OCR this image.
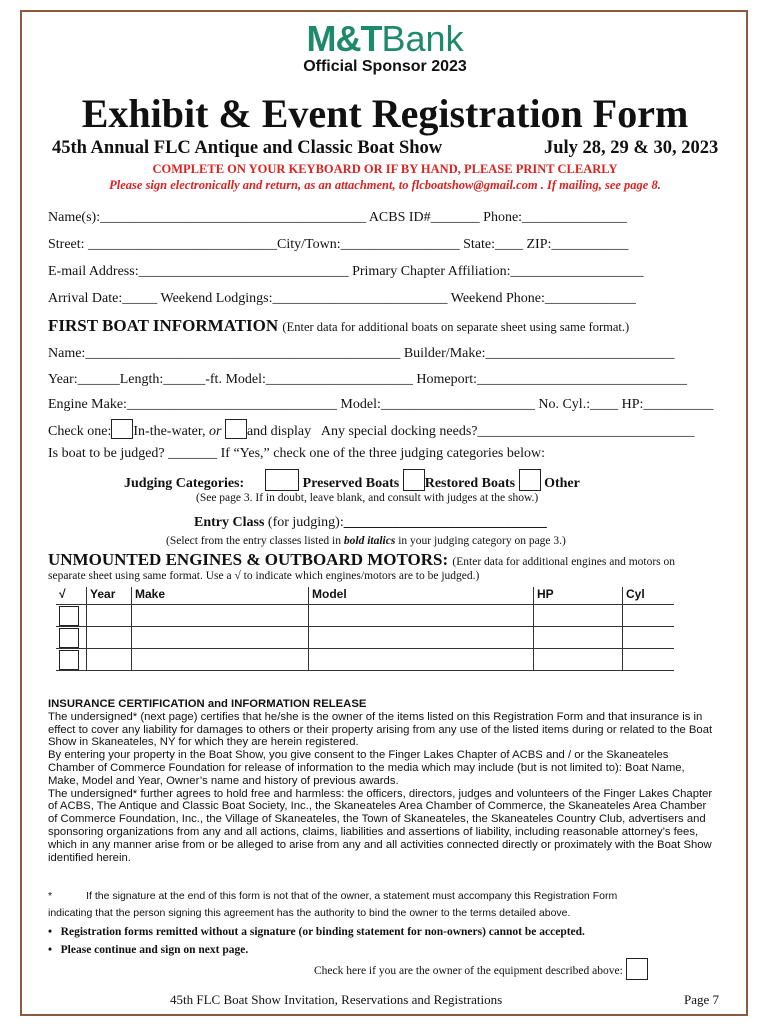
M&TBank
Official Sponsor 2023
Exhibit & Event Registration Form
45th Annual FLC Antique and Classic Boat Show	July 28, 29 & 30, 2023
COMPLETE ON YOUR KEYBOARD OR IF BY HAND, PLEASE PRINT CLEARLY
Please sign electronically and return, as an attachment, to flcboatshow@gmail.com . If mailing, see page 8.
Name(s):______________________________________ ACBS ID#_______ Phone:_______________
Street: ___________________________City/Town:_________________ State:____ ZIP:___________
E-mail Address:______________________________ Primary Chapter Affiliation:___________________
Arrival Date:_____ Weekend Lodgings:_________________________ Weekend Phone:_____________
FIRST BOAT INFORMATION (Enter data for additional boats on separate sheet using same format.)
Name:_____________________________________________ Builder/Make:___________________________
Year:______Length:______-ft. Model:_____________________ Homeport:______________________________
Engine Make:______________________________ Model:______________________ No. Cyl.:____ HP:__________
Check one: In-the-water, or and display Any special docking needs?_______________________________
Is boat to be judged? _______ If “Yes,” check one of the three judging categories below:
Judging Categories:	Preserved Boats Restored Boats Other
(See page 3. If in doubt, leave blank, and consult with judges at the show.)
Entry Class (for judging):_____________________________
(Select from the entry classes listed in bold italics in your judging category on page 3.)
UNMOUNTED ENGINES & OUTBOARD MOTORS: (Enter data for additional engines and motors on
separate sheet using same format. Use a √ to indicate which engines/motors are to be judged.)
√	Year	Make	Model	HP	Cyl

INSURANCE CERTIFICATION and INFORMATION RELEASE
The undersigned* (next page) certifies that he/she is the owner of the items listed on this Registration Form and that insurance is in effect to cover any liability for damages to others or their property arising from any use of the listed items during or related to the Boat Show in Skaneateles, NY for which they are herein registered.
By entering your property in the Boat Show, you give consent to the Finger Lakes Chapter of ACBS and / or the Skaneateles Chamber of Commerce Foundation for release of information to the media which may include (but is not limited to): Boat Name, Make, Model and Year, Owner’s name and history of previous awards.
The undersigned* further agrees to hold free and harmless: the officers, directors, judges and volunteers of the Finger Lakes Chapter of ACBS, The Antique and Classic Boat Society, Inc., the Skaneateles Area Chamber of Commerce, the Skaneateles Area Chamber of Commerce Foundation, Inc., the Village of Skaneateles, the Town of Skaneateles, the Skaneateles Country Club, advertisers and sponsoring organizations from any and all actions, claims, liabilities and assertions of liability, including reasonable attorney’s fees, which in any manner arise from or be alleged to arise from any and all activities connected directly or proximately with the Boat Show identified herein.
*	If the signature at the end of this form is not that of the owner, a statement must accompany this Registration Form
indicating that the person signing this agreement has the authority to bind the owner to the terms detailed above.
•   Registration forms remitted without a signature (or binding statement for non-owners) cannot be accepted.
•   Please continue and sign on next page.
Check here if you are the owner of the equipment described above:
45th FLC Boat Show Invitation, Reservations and Registrations	Page 7
